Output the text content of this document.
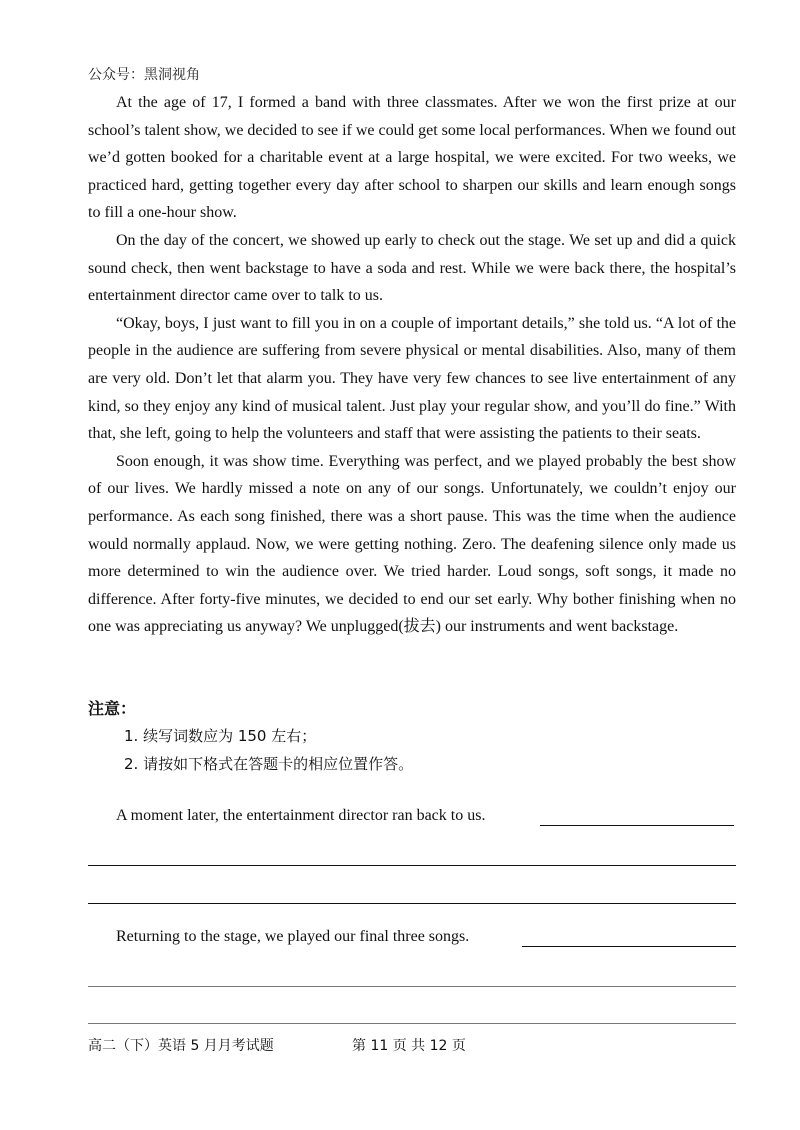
公众号：黑洞视角

At the age of 17, I formed a band with three classmates. After we won the first prize at our school’s talent show, we decided to see if we could get some local performances. When we found out we’d gotten booked for a charitable event at a large hospital, we were excited. For two weeks, we practiced hard, getting together every day after school to sharpen our skills and learn enough songs to fill a one-hour show.

On the day of the concert, we showed up early to check out the stage. We set up and did a quick sound check, then went backstage to have a soda and rest. While we were back there, the hospital’s entertainment director came over to talk to us.

“Okay, boys, I just want to fill you in on a couple of important details,” she told us. “A lot of the people in the audience are suffering from severe physical or mental disabilities. Also, many of them are very old. Don’t let that alarm you. They have very few chances to see live entertainment of any kind, so they enjoy any kind of musical talent. Just play your regular show, and you’ll do fine.” With that, she left, going to help the volunteers and staff that were assisting the patients to their seats.

Soon enough, it was show time. Everything was perfect, and we played probably the best show of our lives. We hardly missed a note on any of our songs. Unfortunately, we couldn’t enjoy our performance. As each song finished, there was a short pause. This was the time when the audience would normally applaud. Now, we were getting nothing. Zero. The deafening silence only made us more determined to win the audience over. We tried harder. Loud songs, soft songs, it made no difference. After forty-five minutes, we decided to end our set early. Why bother finishing when no one was appreciating us anyway? We unplugged(拔去) our instruments and went backstage.

注意：
1. 续写词数应为 150 左右；
2. 请按如下格式在答题卡的相应位置作答。
A moment later, the entertainment director ran back to us.
Returning to the stage, we played our final three songs.
高二（下）英语 5 月月考试题	第 11 页 共 12 页
